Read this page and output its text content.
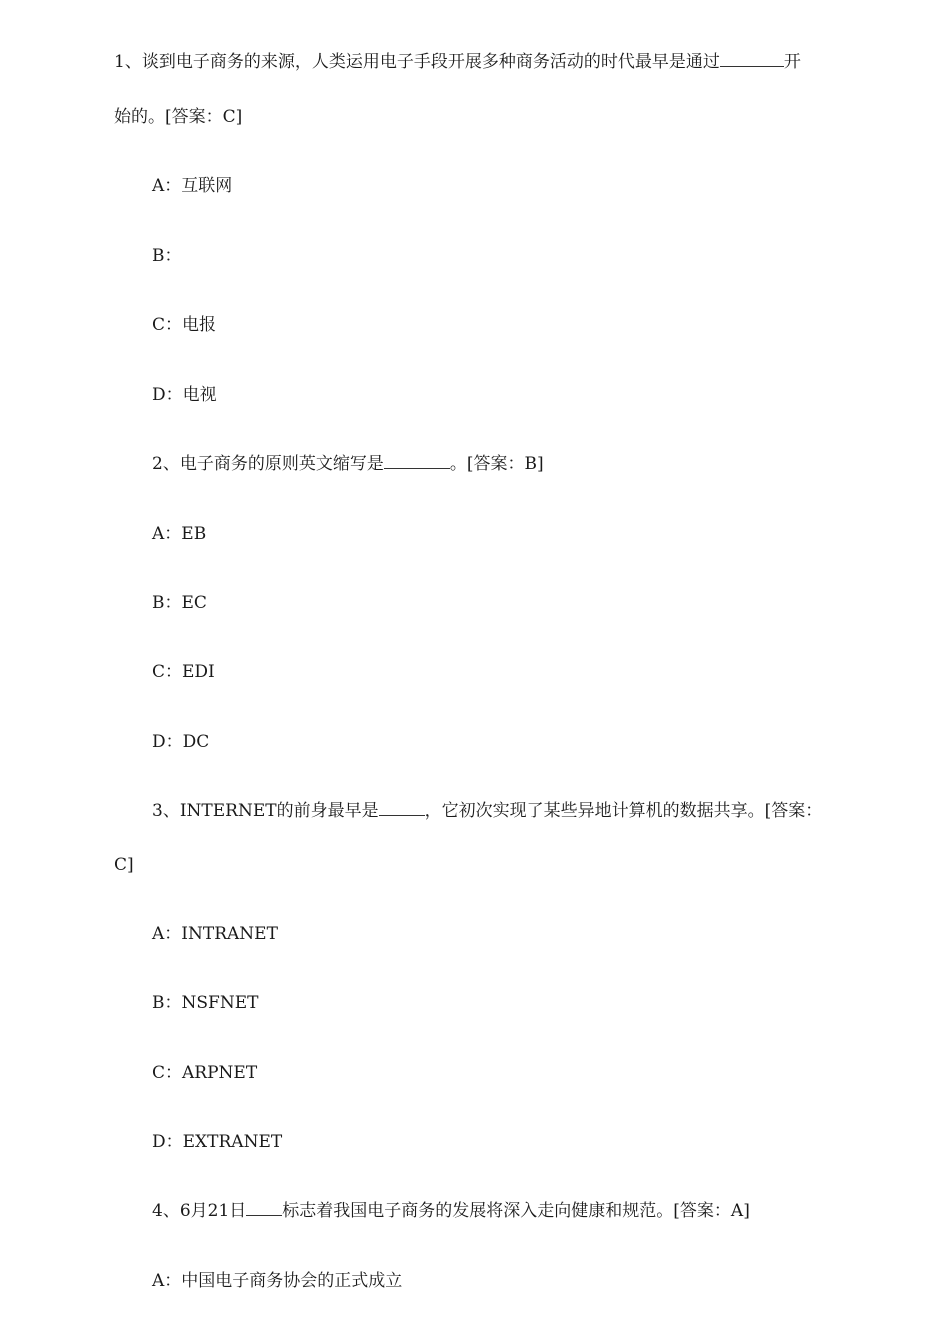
1、谈到电子商务的来源，人类运用电子手段开展多种商务活动的时代最早是通过	开
始的。[答案：C]
A：互联网
B：
C：电报
D：电视
2、电子商务的原则英文缩写是	。[答案：B]
A：EB
B：EC
C：EDI
D：DC
3、INTERNET的前身最早是	，它初次实现了某些异地计算机的数据共享。[答案：
C]
A：INTRANET
B：NSFNET
C：ARPNET
D：EXTRANET
4、6月21日 标志着我国电子商务的发展将深入走向健康和规范。[答案：A]
A：中国电子商务协会的正式成立
